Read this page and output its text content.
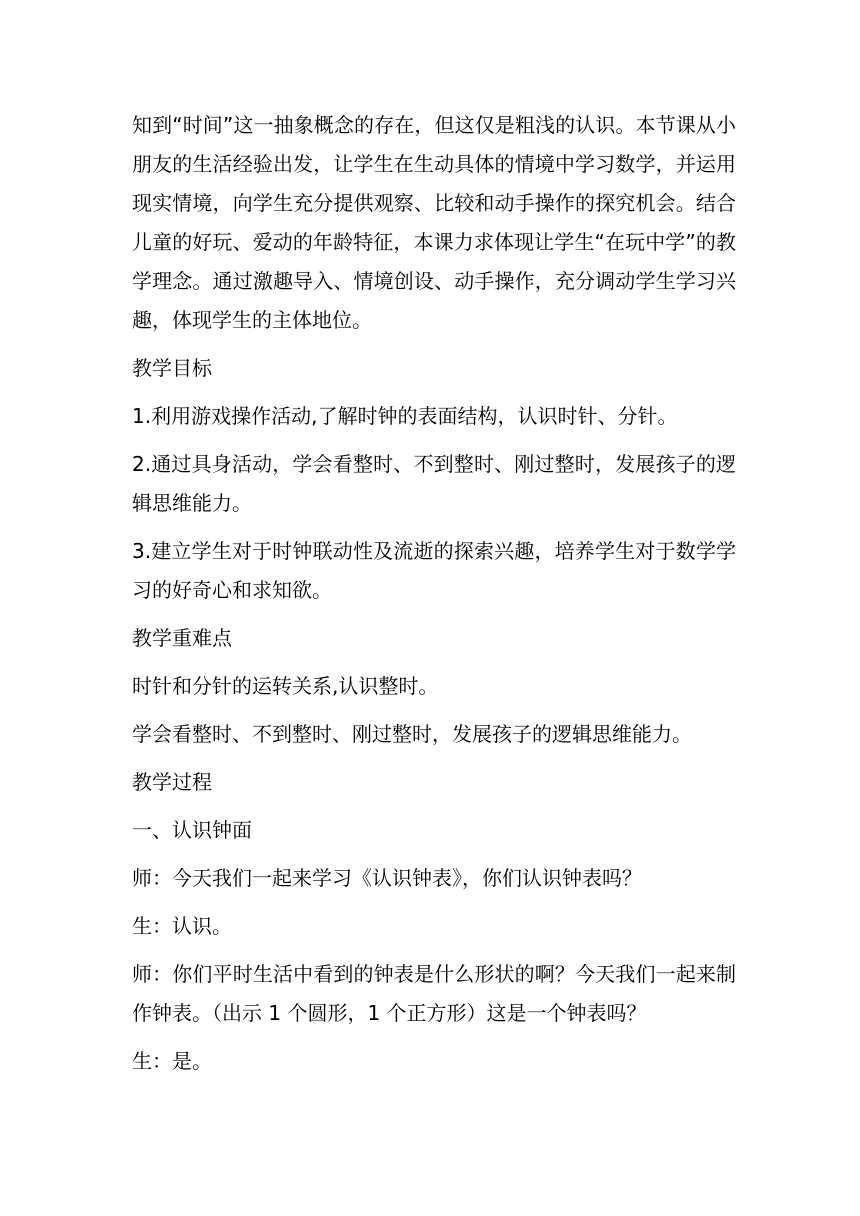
知到“时间”这一抽象概念的存在，但这仅是粗浅的认识。本节课从小朋友的生活经验出发，让学生在生动具体的情境中学习数学，并运用现实情境，向学生充分提供观察、比较和动手操作的探究机会。结合儿童的好玩、爱动的年龄特征，本课力求体现让学生“在玩中学”的教学理念。通过激趣导入、情境创设、动手操作，充分调动学生学习兴趣，体现学生的主体地位。

教学目标

1.利用游戏操作活动,了解时钟的表面结构，认识时针、分针。

2.通过具身活动，学会看整时、不到整时、刚过整时，发展孩子的逻辑思维能力。

3.建立学生对于时钟联动性及流逝的探索兴趣，培养学生对于数学学习的好奇心和求知欲。

教学重难点

时针和分针的运转关系,认识整时。

学会看整时、不到整时、刚过整时，发展孩子的逻辑思维能力。

教学过程

一、认识钟面

师：今天我们一起来学习《认识钟表》，你们认识钟表吗？

生：认识。

师：你们平时生活中看到的钟表是什么形状的啊？今天我们一起来制作钟表。（出示 1 个圆形，1 个正方形）这是一个钟表吗？

生：是。
